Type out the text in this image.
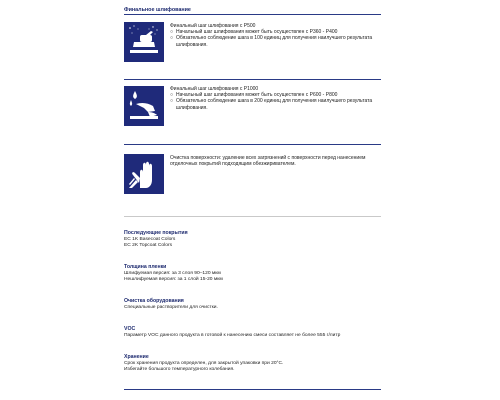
Финальное шлифование
Финальный шаг шлифования с P500
○ Начальный шаг шлифования может быть осуществлен с Р360 - Р400
○ Обязательно соблюдение шага в 100 единиц для получения наилучшего результата шлифования.
Финальный шаг шлифования с P1000
○ Начальный шаг шлифования может быть осуществлен с Р600 - Р800
○ Обязательно соблюдение шага в 200 единиц для получения наилучшего результата шлифования.
Очистка поверхности: удаление всех загрязнений с поверхности перед нанесением отделочных покрытий подходящим обезжиривателем.
Последующие покрытия
EC 1K Basecoat Colors
EC 2K Topcoat Colors
Толщина пленки
Шлифуемая версия: за 3 слоя 90–120 мкм
Нешлифуемая версия: за 1 слой 15-20 мкм
Очистка оборудования
Специальные растворители для очистки.
VOC
Параметр VOC данного продукта в готовой к нанесению смеси составляет не более 555 г/литр
Хранение
Срок хранения продукта определен, для закрытой упаковки при 20°C.
Избегайте большого температурного колебания.
